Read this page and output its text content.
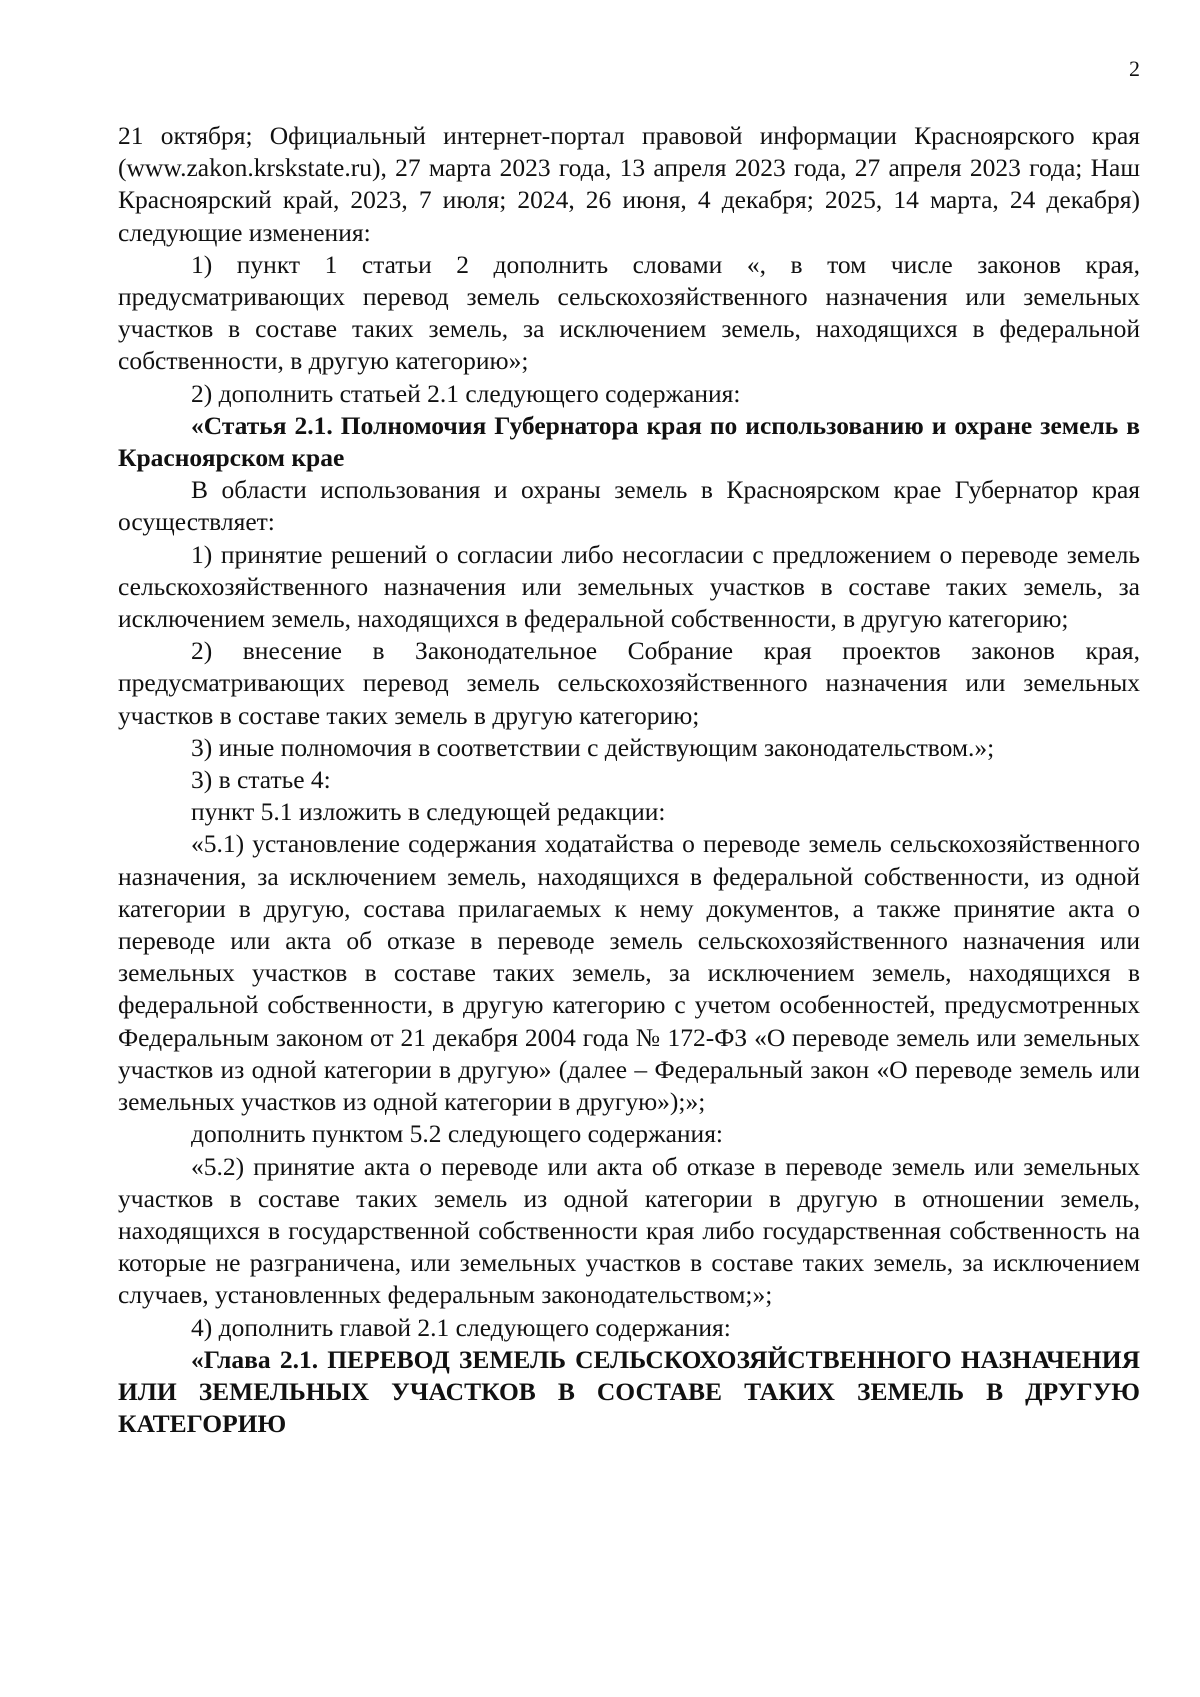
2

21 октября; Официальный интернет-портал правовой информации Красноярского края (www.zakon.krskstate.ru), 27 марта 2023 года, 13 апреля 2023 года, 27 апреля 2023 года; Наш Красноярский край, 2023, 7 июля; 2024, 26 июня, 4 декабря; 2025, 14 марта, 24 декабря) следующие изменения:

1) пункт 1 статьи 2 дополнить словами «, в том числе законов края, предусматривающих перевод земель сельскохозяйственного назначения или земельных участков в составе таких земель, за исключением земель, находящихся в федеральной собственности, в другую категорию»;

2) дополнить статьей 2.1 следующего содержания:

«Статья 2.1. Полномочия Губернатора края по использованию и охране земель в Красноярском крае

В области использования и охраны земель в Красноярском крае Губернатор края осуществляет:

1) принятие решений о согласии либо несогласии с предложением о переводе земель сельскохозяйственного назначения или земельных участков в составе таких земель, за исключением земель, находящихся в федеральной собственности, в другую категорию;

2) внесение в Законодательное Собрание края проектов законов края, предусматривающих перевод земель сельскохозяйственного назначения или земельных участков в составе таких земель в другую категорию;

3) иные полномочия в соответствии с действующим законодательством.»;

3) в статье 4:

пункт 5.1 изложить в следующей редакции:

«5.1) установление содержания ходатайства о переводе земель сельскохозяйственного назначения, за исключением земель, находящихся в федеральной собственности, из одной категории в другую, состава прилагаемых к нему документов, а также принятие акта о переводе или акта об отказе в переводе земель сельскохозяйственного назначения или земельных участков в составе таких земель, за исключением земель, находящихся в федеральной собственности, в другую категорию с учетом особенностей, предусмотренных Федеральным законом от 21 декабря 2004 года № 172-ФЗ «О переводе земель или земельных участков из одной категории в другую» (далее – Федеральный закон «О переводе земель или земельных участков из одной категории в другую»);»;

дополнить пунктом 5.2 следующего содержания:

«5.2) принятие акта о переводе или акта об отказе в переводе земель или земельных участков в составе таких земель из одной категории в другую в отношении земель, находящихся в государственной собственности края либо государственная собственность на которые не разграничена, или земельных участков в составе таких земель, за исключением случаев, установленных федеральным законодательством;»;

4) дополнить главой 2.1 следующего содержания:

«Глава 2.1. ПЕРЕВОД ЗЕМЕЛЬ СЕЛЬСКОХОЗЯЙСТВЕННОГО НАЗНАЧЕНИЯ ИЛИ ЗЕМЕЛЬНЫХ УЧАСТКОВ В СОСТАВЕ ТАКИХ ЗЕМЕЛЬ В ДРУГУЮ КАТЕГОРИЮ
